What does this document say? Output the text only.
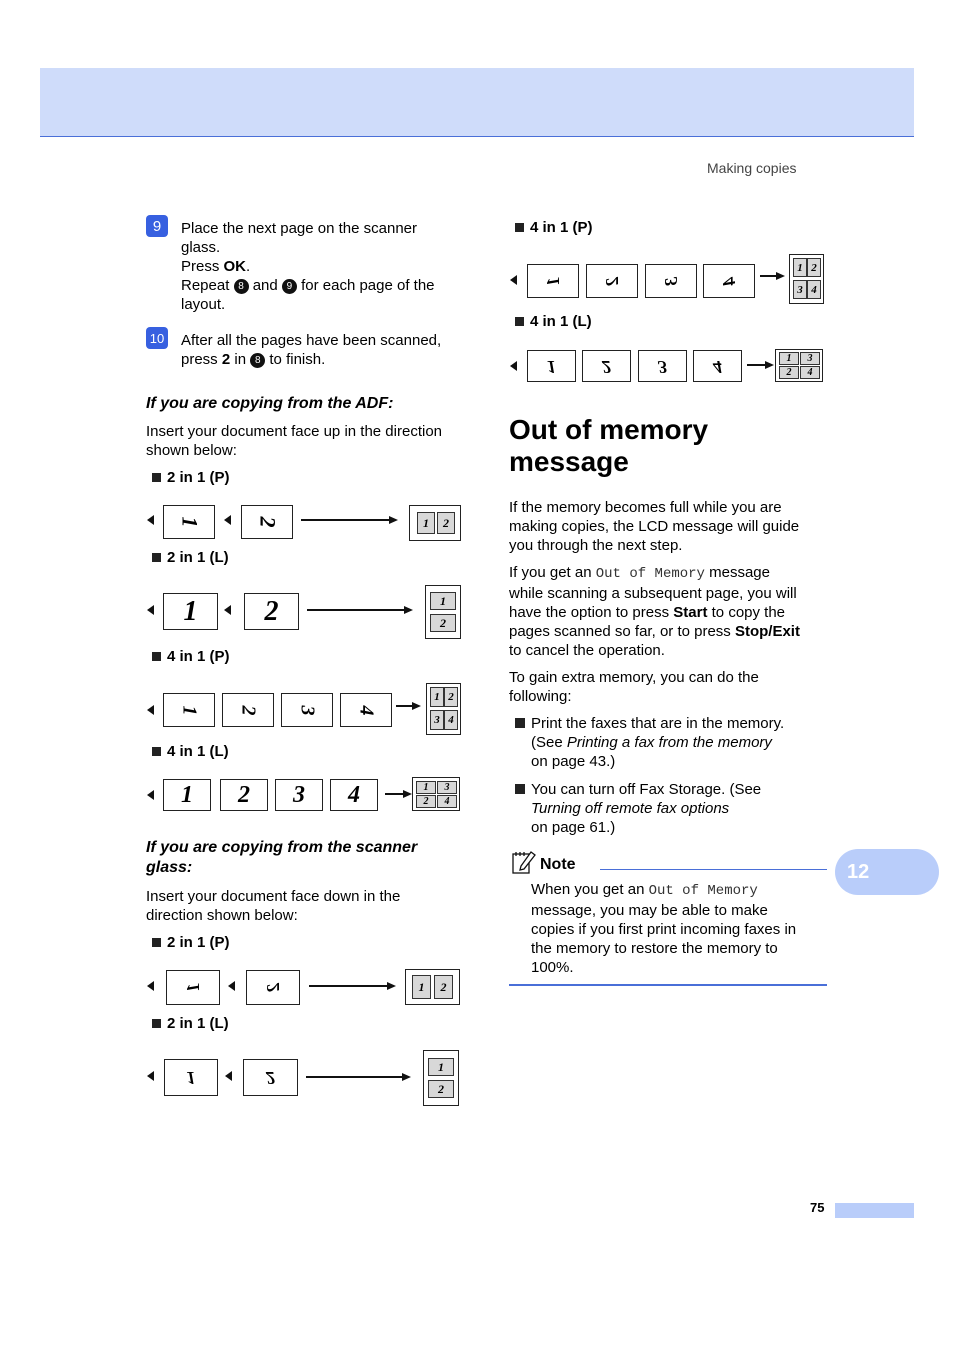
Making copies
9	Place the next page on the scanner
glass.
Press OK.
Repeat 8 and 9 for each page of the
layout.
10 After all the pages have been scanned,
press 2 in 8 to finish.
If you are copying from the ADF:
Insert your document face up in the direction
shown below:
2 in 1 (P)
1 2	1	2
2 in 1 (L)
1	2	1
2
4 in 1 (P)
1 2 3 4
1 2
3 4
4 in 1 (L)
1	2	3	4	1	3
2	4
If you are copying from the scanner
glass:
Insert your document face down in the
direction shown below:
2 in 1 (P)
1	2	1	2
2 in 1 (L)
1	2
1
2
4 in 1 (P)
1 2 3 4
1 2
3 4
4 in 1 (L)
1	2	3	4	1	3
2	4
Out of memory
message
If the memory becomes full while you are
making copies, the LCD message will guide
you through the next step.
If you get an Out of Memory message
while scanning a subsequent page, you will
have the option to press Start to copy the
pages scanned so far, or to press Stop/Exit
to cancel the operation.
To gain extra memory, you can do the
following:
Print the faxes that are in the memory.
(See Printing a fax from the memory
on page 43.)
You can turn off Fax Storage. (See
Turning off remote fax options
on page 61.)
Note
When you get an Out of Memory
message, you may be able to make
copies if you first print incoming faxes in
the memory to restore the memory to
100%.
12
75
